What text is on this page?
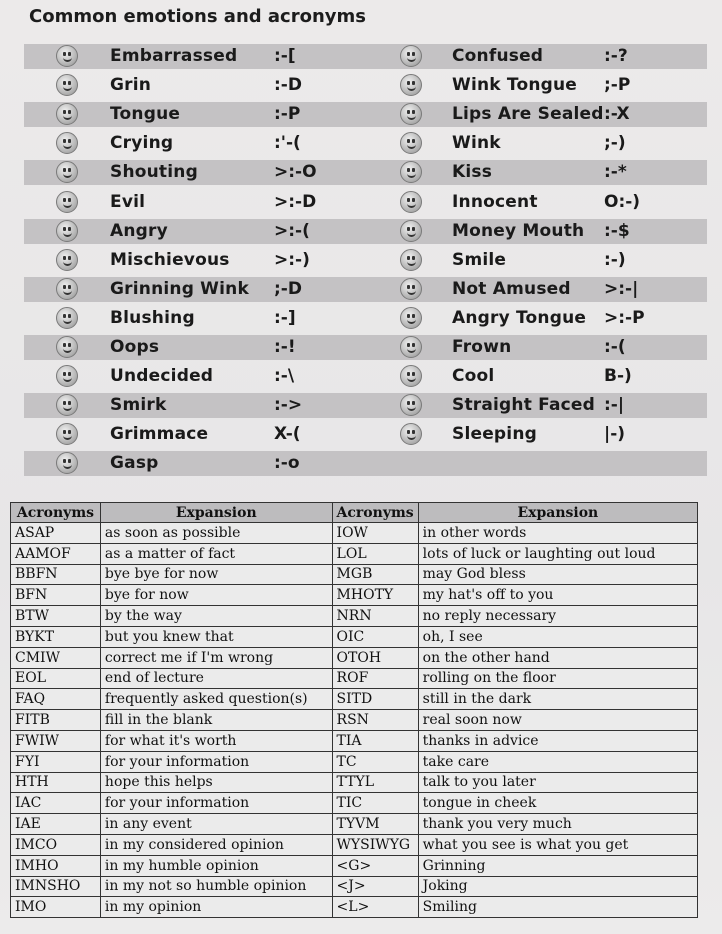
Common emotions and acronyms
Embarrassed :-[	Confused	:-?
Grin	:-D	Wink Tongue ;-P
Tongue	:-P	Lips Are Sealed :-X
Crying	:'-(	Wink	;-)
Shouting	>:-O	Kiss	:-*
Evil	>:-D	Innocent	O:-)
Angry	>:-(	Money Mouth :-$
Mischievous	>:-)	Smile	:-)
Grinning Wink ;-D	Not Amused >:-|
Blushing	:-]	Angry Tongue >:-P
Oops	:-!	Frown	:-(
Undecided	:-\	Cool	B-)
Smirk	:->	Straight Faced :-|
Grimmace	X-(	Sleeping	|-)
Gasp	:-o
Acronyms	Expansion	Acronyms	Expansion
ASAP	as soon as possible	IOW	in other words
AAMOF	as a matter of fact	LOL	lots of luck or laughting out loud
BBFN	bye bye for now	MGB	may God bless
BFN	bye for now	MHOTY	my hat's off to you
BTW	by the way	NRN	no reply necessary
BYKT	but you knew that	OIC	oh, I see
CMIW	correct me if I'm wrong	OTOH	on the other hand
EOL	end of lecture	ROF	rolling on the floor
FAQ	frequently asked question(s)	SITD	still in the dark
FITB	fill in the blank	RSN	real soon now
FWIW	for what it's worth	TIA	thanks in advice
FYI	for your information	TC	take care
HTH	hope this helps	TTYL	talk to you later
IAC	for your information	TIC	tongue in cheek
IAE	in any event	TYVM	thank you very much
IMCO	in my considered opinion	WYSIWYG	what you see is what you get
IMHO	in my humble opinion	<G>	Grinning
IMNSHO	in my not so humble opinion	<J>	Joking
IMO	in my opinion	<L>	Smiling
